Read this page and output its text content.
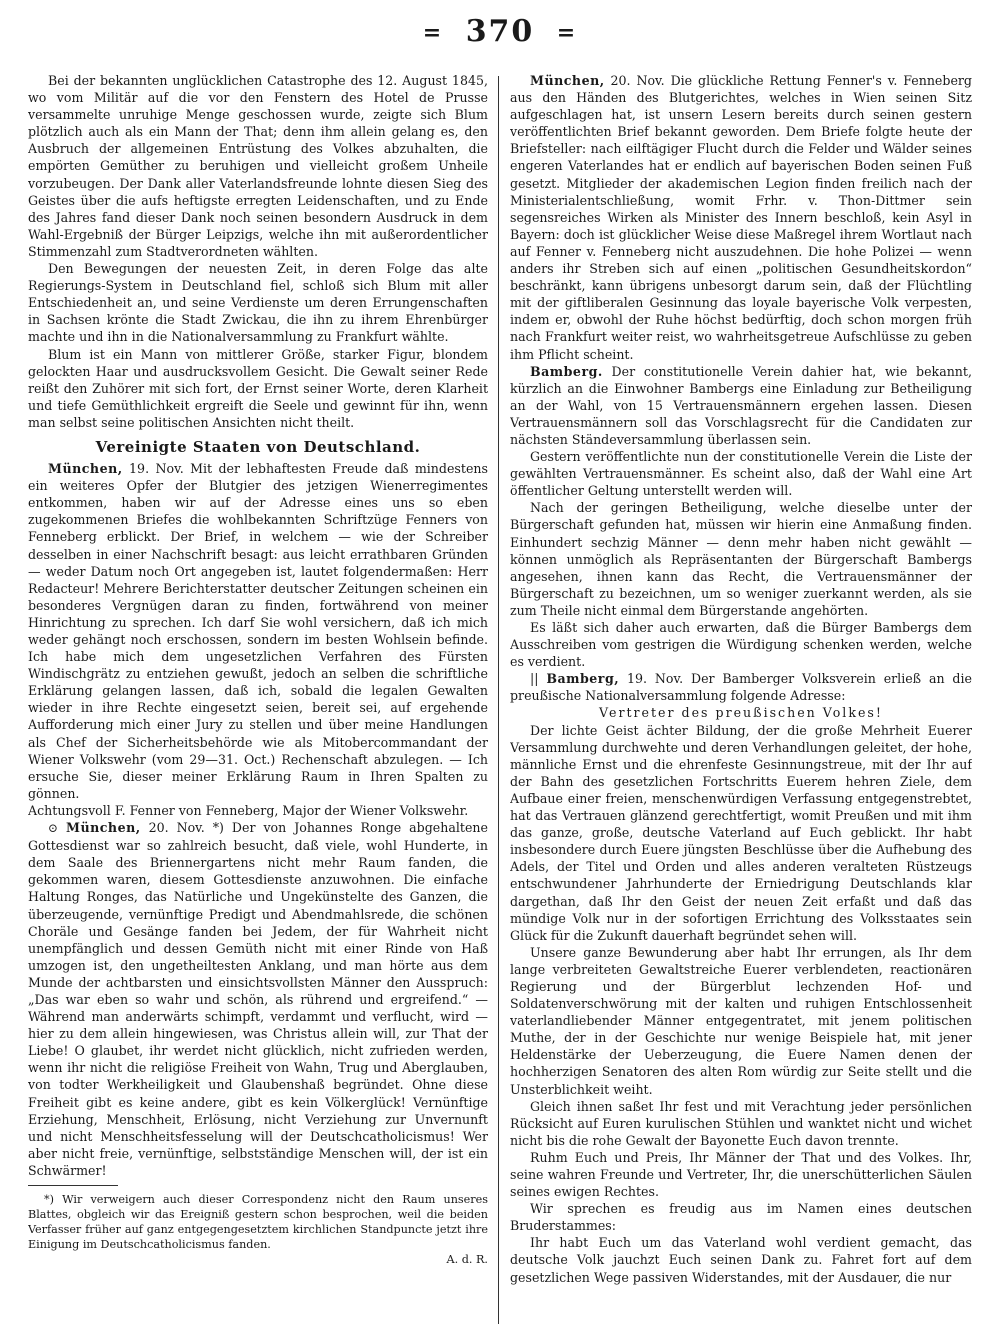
= 370 =

Bei der bekannten unglücklichen Catastrophe des 12. August 1845, wo vom Militär auf die vor den Fenstern des Hotel de Prusse versammelte unruhige Menge geschossen wurde, zeigte sich Blum plötzlich auch als ein Mann der That; denn ihm allein gelang es, den Ausbruch der allgemeinen Entrüstung des Volkes abzuhalten, die empörten Gemüther zu beruhigen und vielleicht großem Unheile vorzubeugen. Der Dank aller Vaterlandsfreunde lohnte diesen Sieg des Geistes über die aufs heftigste erregten Leidenschaften, und zu Ende des Jahres fand dieser Dank noch seinen besondern Ausdruck in dem Wahl-Ergebniß der Bürger Leipzigs, welche ihn mit außerordentlicher Stimmenzahl zum Stadtverordneten wählten.

Den Bewegungen der neuesten Zeit, in deren Folge das alte Regierungs-System in Deutschland fiel, schloß sich Blum mit aller Entschiedenheit an, und seine Verdienste um deren Errungenschaften in Sachsen krönte die Stadt Zwickau, die ihn zu ihrem Ehrenbürger machte und ihn in die Nationalversammlung zu Frankfurt wählte.

Blum ist ein Mann von mittlerer Größe, starker Figur, blondem gelockten Haar und ausdrucksvollem Gesicht. Die Gewalt seiner Rede reißt den Zuhörer mit sich fort, der Ernst seiner Worte, deren Klarheit und tiefe Gemüthlichkeit ergreift die Seele und gewinnt für ihn, wenn man selbst seine politischen Ansichten nicht theilt.

Vereinigte Staaten von Deutschland.

München, 19. Nov. Mit der lebhaftesten Freude daß mindestens ein weiteres Opfer der Blutgier des jetzigen Wienerregimentes entkommen, haben wir auf der Adresse eines uns so eben zugekommenen Briefes die wohlbekannten Schriftzüge Fenners von Fenneberg erblickt. Der Brief, in welchem — wie der Schreiber desselben in einer Nachschrift besagt: aus leicht errathbaren Gründen — weder Datum noch Ort angegeben ist, lautet folgendermaßen: Herr Redacteur! Mehrere Berichterstatter deutscher Zeitungen scheinen ein besonderes Vergnügen daran zu finden, fortwährend von meiner Hinrichtung zu sprechen. Ich darf Sie wohl versichern, daß ich mich weder gehängt noch erschossen, sondern im besten Wohlsein befinde. Ich habe mich dem ungesetzlichen Verfahren des Fürsten Windischgrätz zu entziehen gewußt, jedoch an selben die schriftliche Erklärung gelangen lassen, daß ich, sobald die legalen Gewalten wieder in ihre Rechte eingesetzt seien, bereit sei, auf ergehende Aufforderung mich einer Jury zu stellen und über meine Handlungen als Chef der Sicherheitsbehörde wie als Mitobercommandant der Wiener Volkswehr (vom 29—31. Oct.) Rechenschaft abzulegen. — Ich ersuche Sie, dieser meiner Erklärung Raum in Ihren Spalten zu gönnen.

Achtungsvoll F. Fenner von Fenneberg, Major der Wiener Volkswehr.

⊙ München, 20. Nov. *) Der von Johannes Ronge abgehaltene Gottesdienst war so zahlreich besucht, daß viele, wohl Hunderte, in dem Saale des Briennergartens nicht mehr Raum fanden, die gekommen waren, diesem Gottesdienste anzuwohnen. Die einfache Haltung Ronges, das Natürliche und Ungekünstelte des Ganzen, die überzeugende, vernünftige Predigt und Abendmahlsrede, die schönen Choräle und Gesänge fanden bei Jedem, der für Wahrheit nicht unempfänglich und dessen Gemüth nicht mit einer Rinde von Haß umzogen ist, den ungetheiltesten Anklang, und man hörte aus dem Munde der achtbarsten und einsichtsvollsten Männer den Ausspruch: „Das war eben so wahr und schön, als rührend und ergreifend.“ — Während man anderwärts schimpft, verdammt und verflucht, wird — hier zu dem allein hingewiesen, was Christus allein will, zur That der Liebe! O glaubet, ihr werdet nicht glücklich, nicht zufrieden werden, wenn ihr nicht die religiöse Freiheit von Wahn, Trug und Aberglauben, von todter Werkheiligkeit und Glaubenshaß begründet. Ohne diese Freiheit gibt es keine andere, gibt es kein Völkerglück! Vernünftige Erziehung, Menschheit, Erlösung, nicht Verziehung zur Unvernunft und nicht Menschheitsfesselung will der Deutschcatholicismus! Wer aber nicht freie, vernünftige, selbstständige Menschen will, der ist ein Schwärmer!

*) Wir verweigern auch dieser Correspondenz nicht den Raum unseres Blattes, obgleich wir das Ereigniß gestern schon besprochen, weil die beiden Verfasser früher auf ganz entgegengesetztem kirchlichen Standpuncte jetzt ihre Einigung im Deutschcatholicismus fanden.

A. d. R.

München, 20. Nov. Die glückliche Rettung Fenner's v. Fenneberg aus den Händen des Blutgerichtes, welches in Wien seinen Sitz aufgeschlagen hat, ist unsern Lesern bereits durch seinen gestern veröffentlichten Brief bekannt geworden. Dem Briefe folgte heute der Briefsteller: nach eilftägiger Flucht durch die Felder und Wälder seines engeren Vaterlandes hat er endlich auf bayerischen Boden seinen Fuß gesetzt. Mitglieder der akademischen Legion finden freilich nach der Ministerialentschließung, womit Frhr. v. Thon-Dittmer sein segensreiches Wirken als Minister des Innern beschloß, kein Asyl in Bayern: doch ist glücklicher Weise diese Maßregel ihrem Wortlaut nach auf Fenner v. Fenneberg nicht auszudehnen. Die hohe Polizei — wenn anders ihr Streben sich auf einen „politischen Gesundheitskordon“ beschränkt, kann übrigens unbesorgt darum sein, daß der Flüchtling mit der giftliberalen Gesinnung das loyale bayerische Volk verpesten, indem er, obwohl der Ruhe höchst bedürftig, doch schon morgen früh nach Frankfurt weiter reist, wo wahrheitsgetreue Aufschlüsse zu geben ihm Pflicht scheint.

Bamberg. Der constitutionelle Verein dahier hat, wie bekannt, kürzlich an die Einwohner Bambergs eine Einladung zur Betheiligung an der Wahl, von 15 Vertrauensmännern ergehen lassen. Diesen Vertrauensmännern soll das Vorschlagsrecht für die Candidaten zur nächsten Ständeversammlung überlassen sein.

Gestern veröffentlichte nun der constitutionelle Verein die Liste der gewählten Vertrauensmänner. Es scheint also, daß der Wahl eine Art öffentlicher Geltung unterstellt werden will.

Nach der geringen Betheiligung, welche dieselbe unter der Bürgerschaft gefunden hat, müssen wir hierin eine Anmaßung finden. Einhundert sechzig Männer — denn mehr haben nicht gewählt — können unmöglich als Repräsentanten der Bürgerschaft Bambergs angesehen, ihnen kann das Recht, die Vertrauensmänner der Bürgerschaft zu bezeichnen, um so weniger zuerkannt werden, als sie zum Theile nicht einmal dem Bürgerstande angehörten.

Es läßt sich daher auch erwarten, daß die Bürger Bambergs dem Ausschreiben vom gestrigen die Würdigung schenken werden, welche es verdient.

|| Bamberg, 19. Nov. Der Bamberger Volksverein erließ an die preußische Nationalversammlung folgende Adresse:

Vertreter des preußischen Volkes!

Der lichte Geist ächter Bildung, der die große Mehrheit Euerer Versammlung durchwehte und deren Verhandlungen geleitet, der hohe, männliche Ernst und die ehrenfeste Gesinnungstreue, mit der Ihr auf der Bahn des gesetzlichen Fortschritts Euerem hehren Ziele, dem Aufbaue einer freien, menschenwürdigen Verfassung entgegenstrebtet, hat das Vertrauen glänzend gerechtfertigt, womit Preußen und mit ihm das ganze, große, deutsche Vaterland auf Euch geblickt. Ihr habt insbesondere durch Euere jüngsten Beschlüsse über die Aufhebung des Adels, der Titel und Orden und alles anderen veralteten Rüstzeugs entschwundener Jahrhunderte der Erniedrigung Deutschlands klar dargethan, daß Ihr den Geist der neuen Zeit erfaßt und daß das mündige Volk nur in der sofortigen Errichtung des Volksstaates sein Glück für die Zukunft dauerhaft begründet sehen will.

Unsere ganze Bewunderung aber habt Ihr errungen, als Ihr dem lange verbreiteten Gewaltstreiche Euerer verblendeten, reactionären Regierung und der Bürgerblut lechzenden Hof- und Soldatenverschwörung mit der kalten und ruhigen Entschlossenheit vaterlandliebender Männer entgegentratet, mit jenem politischen Muthe, der in der Geschichte nur wenige Beispiele hat, mit jener Heldenstärke der Ueberzeugung, die Euere Namen denen der hochherzigen Senatoren des alten Rom würdig zur Seite stellt und die Unsterblichkeit weiht.

Gleich ihnen saßet Ihr fest und mit Verachtung jeder persönlichen Rücksicht auf Euren kurulischen Stühlen und wanktet nicht und wichet nicht bis die rohe Gewalt der Bayonette Euch davon trennte.

Ruhm Euch und Preis, Ihr Männer der That und des Volkes. Ihr, seine wahren Freunde und Vertreter, Ihr, die unerschütterlichen Säulen seines ewigen Rechtes.

Wir sprechen es freudig aus im Namen eines deutschen Bruderstammes:

Ihr habt Euch um das Vaterland wohl verdient gemacht, das deutsche Volk jauchzt Euch seinen Dank zu. Fahret fort auf dem gesetzlichen Wege passiven Widerstandes, mit der Ausdauer, die nur
